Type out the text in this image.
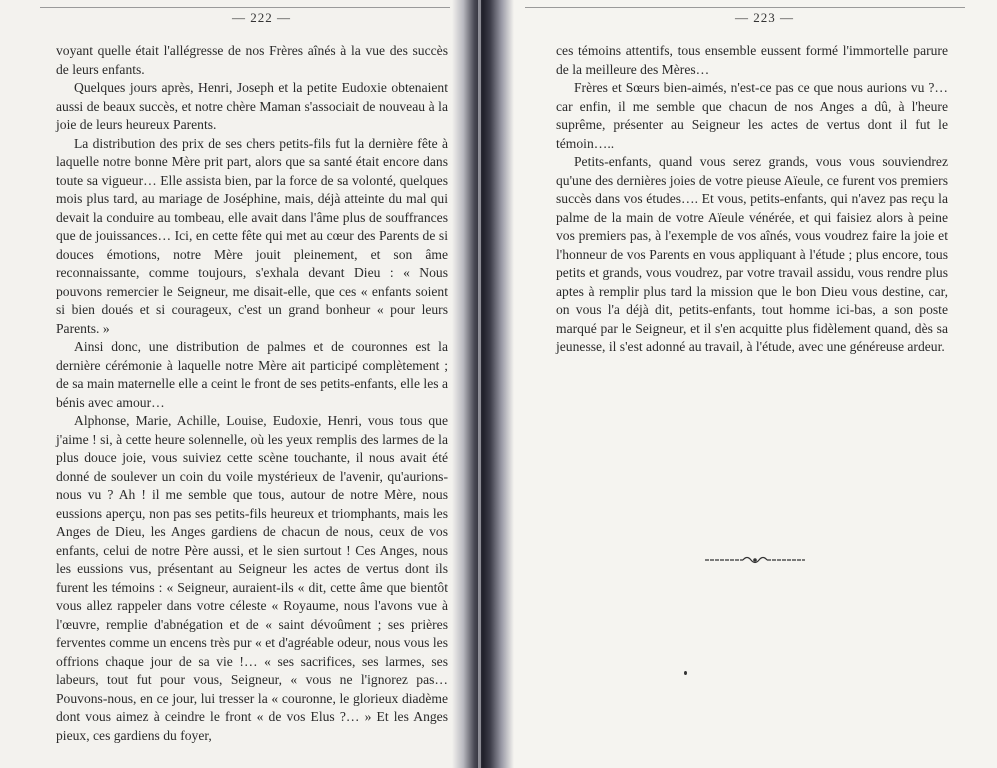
— 222 —

voyant quelle était l'allégresse de nos Frères aînés à la vue des succès de leurs enfants.

Quelques jours après, Henri, Joseph et la petite Eudoxie obtenaient aussi de beaux succès, et notre chère Maman s'associait de nouveau à la joie de leurs heureux Parents.

La distribution des prix de ses chers petits-fils fut la dernière fête à laquelle notre bonne Mère prit part, alors que sa santé était encore dans toute sa vigueur… Elle assista bien, par la force de sa volonté, quelques mois plus tard, au mariage de Joséphine, mais, déjà atteinte du mal qui devait la conduire au tombeau, elle avait dans l'âme plus de souffrances que de jouissances… Ici, en cette fête qui met au cœur des Parents de si douces émotions, notre Mère jouit pleinement, et son âme reconnaissante, comme toujours, s'exhala devant Dieu : « Nous pouvons remercier le Seigneur, me disait-elle, que ces « enfants soient si bien doués et si courageux, c'est un grand bonheur « pour leurs Parents. »

Ainsi donc, une distribution de palmes et de couronnes est la dernière cérémonie à laquelle notre Mère ait participé complètement ; de sa main maternelle elle a ceint le front de ses petits-enfants, elle les a bénis avec amour…

Alphonse, Marie, Achille, Louise, Eudoxie, Henri, vous tous que j'aime ! si, à cette heure solennelle, où les yeux remplis des larmes de la plus douce joie, vous suiviez cette scène touchante, il nous avait été donné de soulever un coin du voile mystérieux de l'avenir, qu'aurions-nous vu ? Ah ! il me semble que tous, autour de notre Mère, nous eussions aperçu, non pas ses petits-fils heureux et triomphants, mais les Anges de Dieu, les Anges gardiens de chacun de nous, ceux de vos enfants, celui de notre Père aussi, et le sien surtout ! Ces Anges, nous les eussions vus, présentant au Seigneur les actes de vertus dont ils furent les témoins : « Seigneur, auraient-ils « dit, cette âme que bientôt vous allez rappeler dans votre céleste « Royaume, nous l'avons vue à l'œuvre, remplie d'abnégation et de « saint dévoûment ; ses prières ferventes comme un encens très pur « et d'agréable odeur, nous vous les offrions chaque jour de sa vie !… « ses sacrifices, ses larmes, ses labeurs, tout fut pour vous, Seigneur, « vous ne l'ignorez pas… Pouvons-nous, en ce jour, lui tresser la « couronne, le glorieux diadème dont vous aimez à ceindre le front « de vos Elus ?… » Et les Anges pieux, ces gardiens du foyer,

— 223 —

ces témoins attentifs, tous ensemble eussent formé l'immortelle parure de la meilleure des Mères…

Frères et Sœurs bien-aimés, n'est-ce pas ce que nous aurions vu ?… car enfin, il me semble que chacun de nos Anges a dû, à l'heure suprême, présenter au Seigneur les actes de vertus dont il fut le témoin…..

Petits-enfants, quand vous serez grands, vous vous souviendrez qu'une des dernières joies de votre pieuse Aïeule, ce furent vos premiers succès dans vos études…. Et vous, petits-enfants, qui n'avez pas reçu la palme de la main de votre Aïeule vénérée, et qui faisiez alors à peine vos premiers pas, à l'exemple de vos aînés, vous voudrez faire la joie et l'honneur de vos Parents en vous appliquant à l'étude ; plus encore, tous petits et grands, vous voudrez, par votre travail assidu, vous rendre plus aptes à remplir plus tard la mission que le bon Dieu vous destine, car, on vous l'a déjà dit, petits-enfants, tout homme ici-bas, a son poste marqué par le Seigneur, et il s'en acquitte plus fidèlement quand, dès sa jeunesse, il s'est adonné au travail, à l'étude, avec une généreuse ardeur.
